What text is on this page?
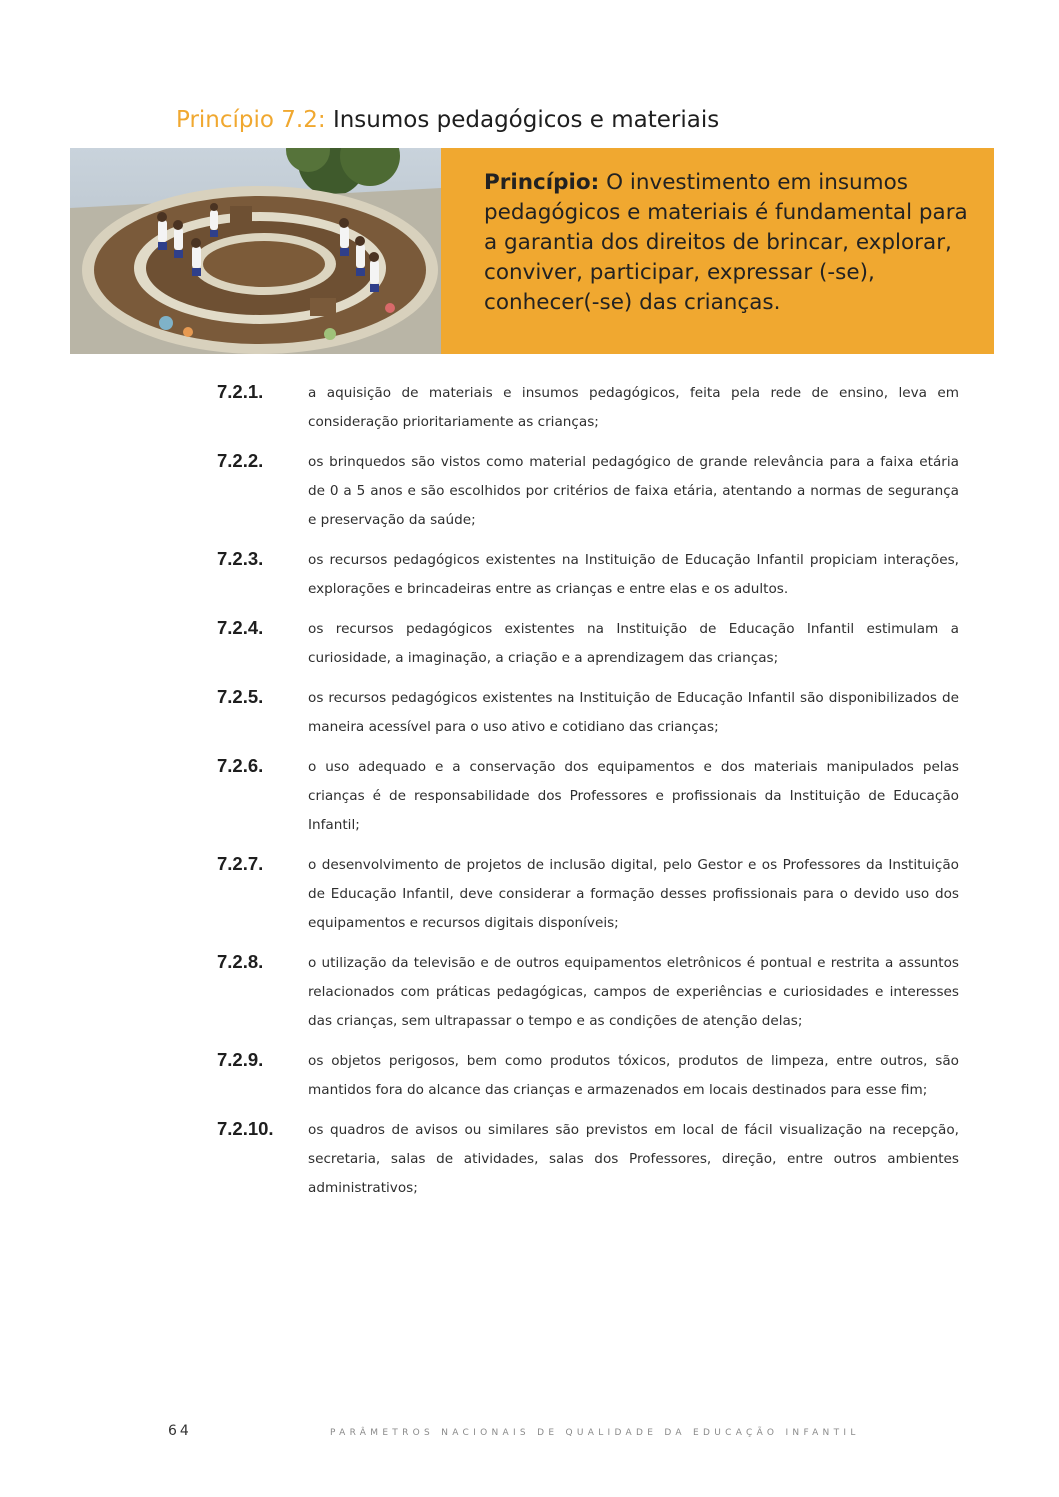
Princípio 7.2: Insumos pedagógicos e materiais
Princípio: O investimento em insumos pedagógicos e materiais é fundamental para a garantia dos direitos de brincar, explorar, conviver, participar, expressar (-se), conhecer(-se) das crianças.
7.2.1.	a aquisição de materiais e insumos pedagógicos, feita pela rede de ensino, leva em consideração prioritariamente as crianças;
7.2.2.	os brinquedos são vistos como material pedagógico de grande relevância para a faixa etária de 0 a 5 anos e são escolhidos por critérios de faixa etária, atentando a normas de segurança e preservação da saúde;
7.2.3.	os recursos pedagógicos existentes na Instituição de Educação Infantil propiciam interações, explorações e brincadeiras entre as crianças e entre elas e os adultos.
7.2.4.	os recursos pedagógicos existentes na Instituição de Educação Infantil estimulam a curiosidade, a imaginação, a criação e a aprendizagem das crianças;
7.2.5.	os recursos pedagógicos existentes na Instituição de Educação Infantil são disponibilizados de maneira acessível para o uso ativo e cotidiano das crianças;
7.2.6.	o uso adequado e a conservação dos equipamentos e dos materiais manipulados pelas crianças é de responsabilidade dos Professores e profissionais da Instituição de Educação Infantil;
7.2.7.	o desenvolvimento de projetos de inclusão digital, pelo Gestor e os Professores da Instituição de Educação Infantil, deve considerar a formação desses profissionais para o devido uso dos equipamentos e recursos digitais disponíveis;
7.2.8.	o utilização da televisão e de outros equipamentos eletrônicos é pontual e restrita a assuntos relacionados com práticas pedagógicas, campos de experiências e curiosidades e interesses das crianças, sem ultrapassar o tempo e as condições de atenção delas;
7.2.9.	os objetos perigosos, bem como produtos tóxicos, produtos de limpeza, entre outros, são mantidos fora do alcance das crianças e armazenados em locais destinados para esse fim;
7.2.10.	os quadros de avisos ou similares são previstos em local de fácil visualização na recepção, secretaria, salas de atividades, salas dos Professores, direção, entre outros ambientes administrativos;
64	PARÂMETROS NACIONAIS DE QUALIDADE DA EDUCAÇÃO INFANTIL
